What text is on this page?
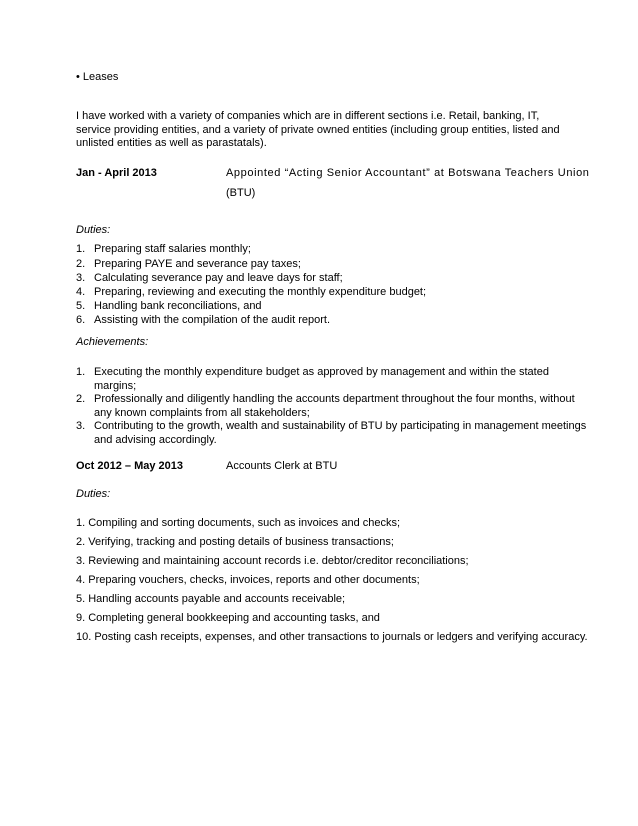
• Leases
I have worked with a variety of companies which are in different sections i.e. Retail, banking, IT, service providing entities, and a variety of private owned entities (including group entities, listed and unlisted entities as well as parastatals).
Jan - April 2013	Appointed “Acting Senior Accountant” at Botswana Teachers Union
(BTU)
Duties:
1. Preparing staff salaries monthly;
2. Preparing PAYE and severance pay taxes;
3. Calculating severance pay and leave days for staff;
4. Preparing, reviewing and executing the monthly expenditure budget;
5. Handling bank reconciliations, and
6. Assisting with the compilation of the audit report.
Achievements:
1. Executing the monthly expenditure budget as approved by management and within the stated
margins;
2. Professionally and diligently handling the accounts department throughout the four months, without
any known complaints from all stakeholders;
3. Contributing to the growth, wealth and sustainability of BTU by participating in management meetings
and advising accordingly.
Oct 2012 – May 2013	Accounts Clerk at BTU
Duties:
1. Compiling and sorting documents, such as invoices and checks;
2. Verifying, tracking and posting details of business transactions;
3. Reviewing and maintaining account records i.e. debtor/creditor reconciliations;
4. Preparing vouchers, checks, invoices, reports and other documents;
5. Handling accounts payable and accounts receivable;
9. Completing general bookkeeping and accounting tasks, and
10. Posting cash receipts, expenses, and other transactions to journals or ledgers and verifying accuracy.
